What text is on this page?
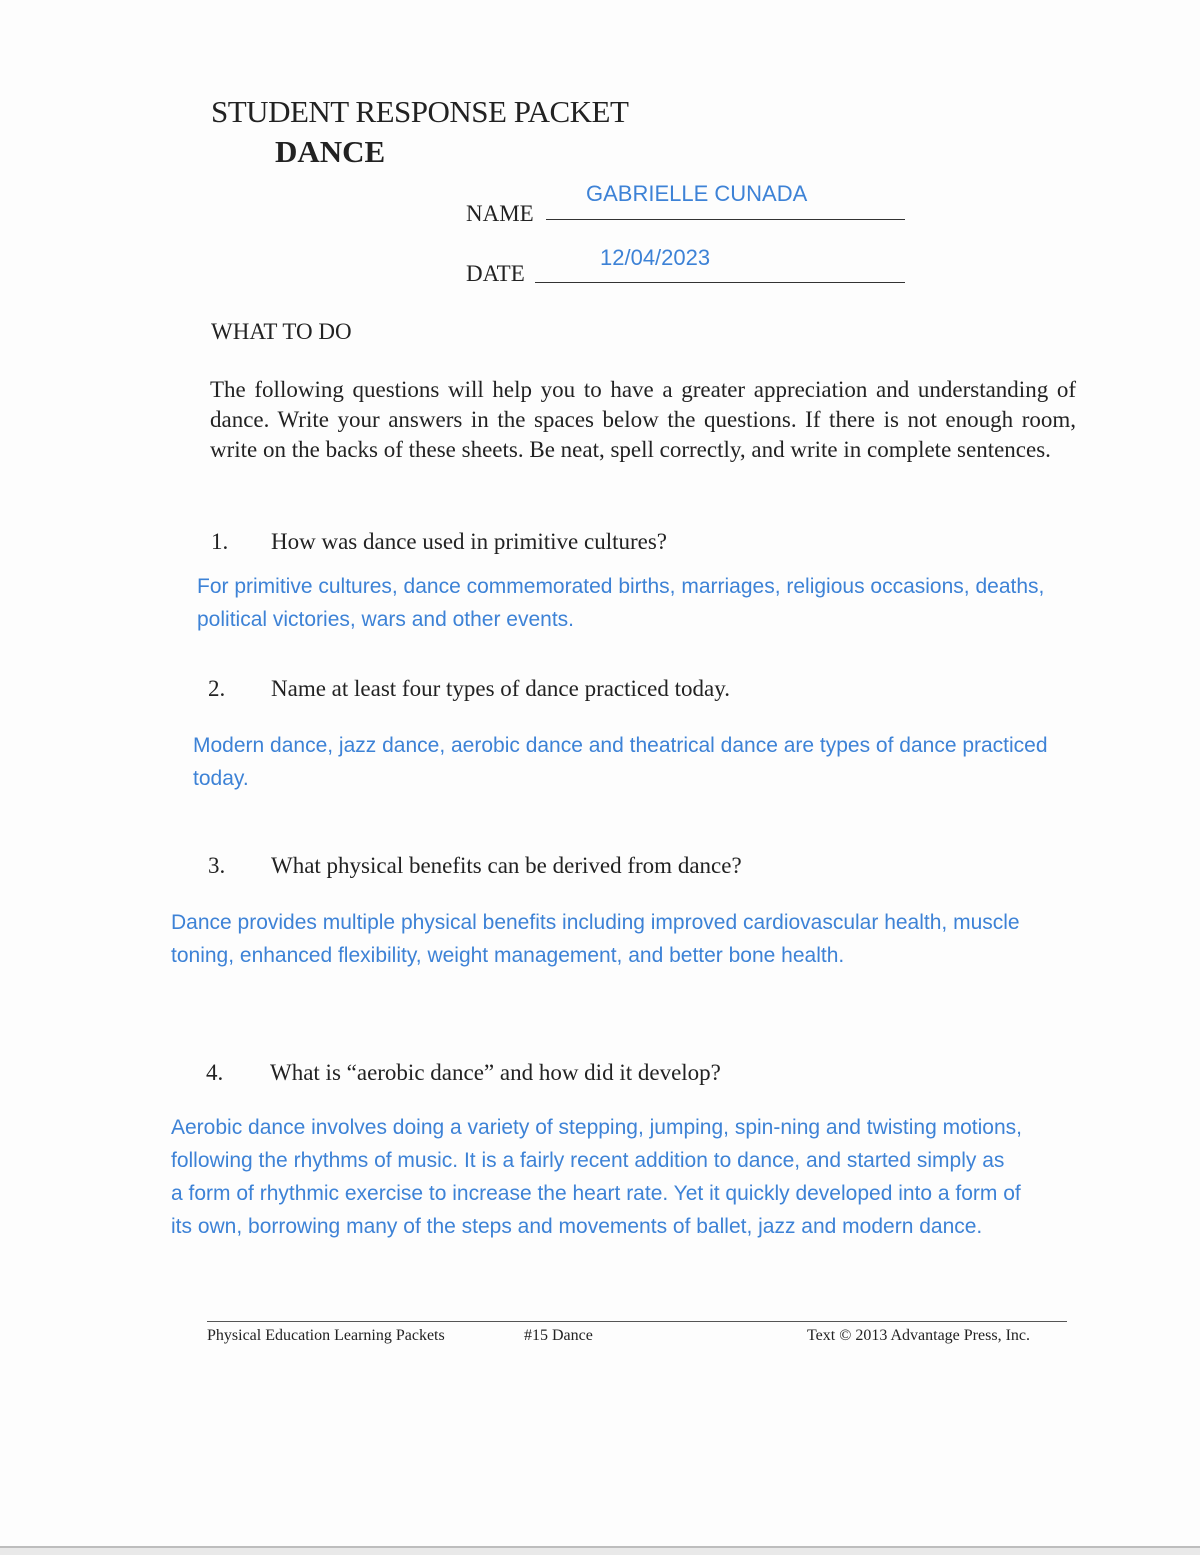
STUDENT RESPONSE PACKET
DANCE
NAME
GABRIELLE CUNADA
DATE
12/04/2023
WHAT TO DO

The following questions will help you to have a greater appreciation and understanding of dance. Write your answers in the spaces below the questions. If there is not enough room, write on the backs of these sheets. Be neat, spell correctly, and write in complete sentences.

1. How was dance used in primitive cultures?

For primitive cultures, dance commemorated births, marriages, religious occasions, deaths,
political victories, wars and other events.

2. Name at least four types of dance practiced today.

Modern dance, jazz dance, aerobic dance and theatrical dance are types of dance practiced
today.

3. What physical benefits can be derived from dance?

Dance provides multiple physical benefits including improved cardiovascular health, muscle
toning, enhanced flexibility, weight management, and better bone health.

4. What is “aerobic dance” and how did it develop?

Aerobic dance involves doing a variety of stepping, jumping, spin-ning and twisting motions,
following the rhythms of music. It is a fairly recent addition to dance, and started simply as
a form of rhythmic exercise to increase the heart rate. Yet it quickly developed into a form of
its own, borrowing many of the steps and movements of ballet, jazz and modern dance.

Physical Education Learning Packets	#15 Dance	Text © 2013 Advantage Press, Inc.
